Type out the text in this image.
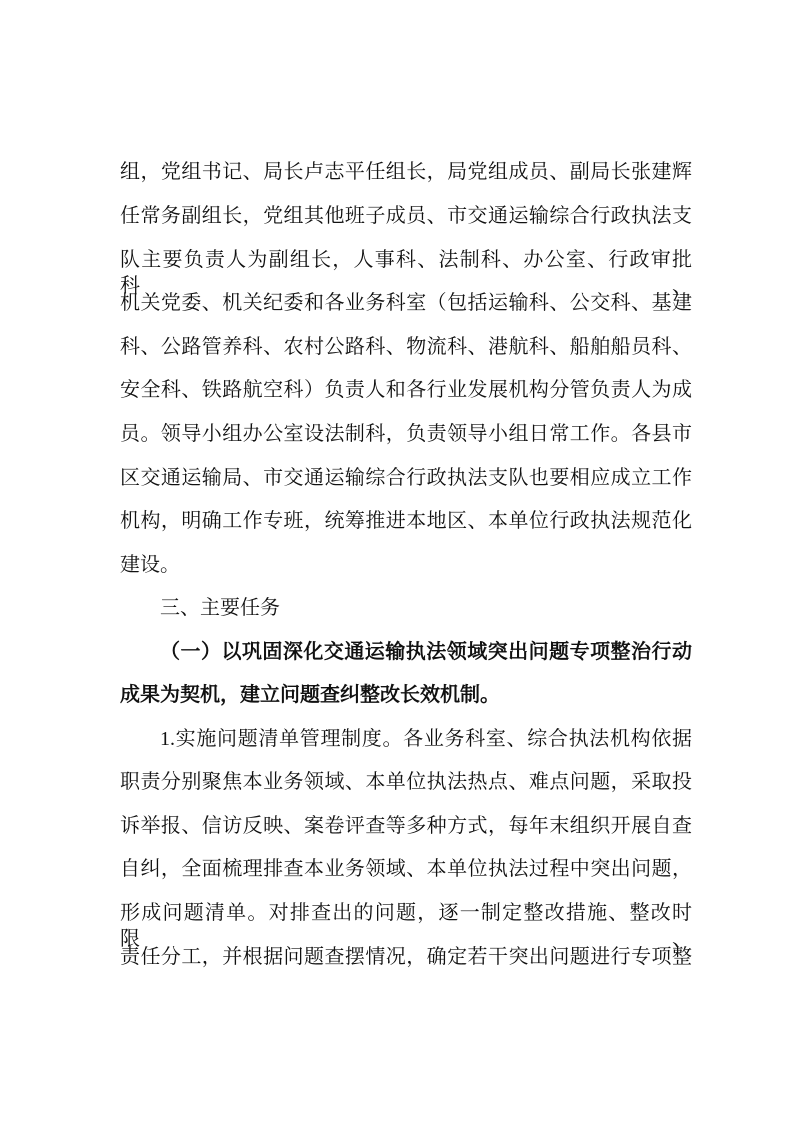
组，党组书记、局长卢志平任组长，局党组成员、副局长张建辉
任常务副组长，党组其他班子成员、市交通运输综合行政执法支
队主要负责人为副组长，人事科、法制科、办公室、行政审批科、
机关党委、机关纪委和各业务科室（包括运输科、公交科、基建
科、公路管养科、农村公路科、物流科、港航科、船舶船员科、
安全科、铁路航空科）负责人和各行业发展机构分管负责人为成
员。领导小组办公室设法制科，负责领导小组日常工作。各县市
区交通运输局、市交通运输综合行政执法支队也要相应成立工作
机构，明确工作专班，统筹推进本地区、本单位行政执法规范化
建设。
三、主要任务
（一）以巩固深化交通运输执法领域突出问题专项整治行动
成果为契机，建立问题查纠整改长效机制。
1.实施问题清单管理制度。各业务科室、综合执法机构依据
职责分别聚焦本业务领域、本单位执法热点、难点问题，采取投
诉举报、信访反映、案卷评查等多种方式，每年末组织开展自查
自纠，全面梳理排查本业务领域、本单位执法过程中突出问题，
形成问题清单。对排查出的问题，逐一制定整改措施、整改时限、
责任分工，并根据问题查摆情况，确定若干突出问题进行专项整
